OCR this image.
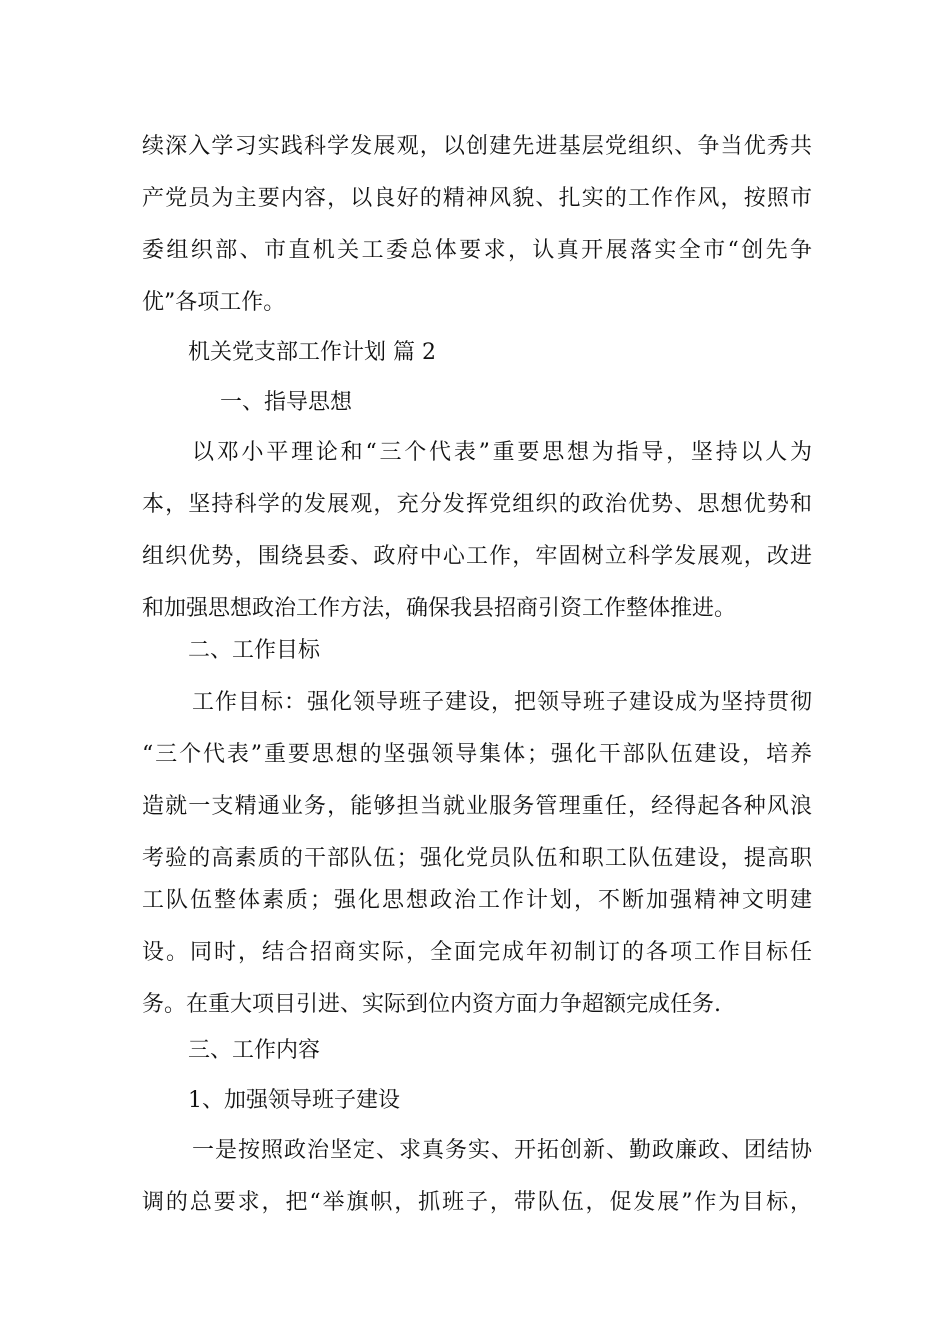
续深入学习实践科学发展观，以创建先进基层党组织、争当优秀共
产党员为主要内容，以良好的精神风貌、扎实的工作作风，按照市
委组织部、市直机关工委总体要求，认真开展落实全市“创先争
优”各项工作。
机关党支部工作计划 篇 2
一、指导思想
以邓小平理论和“三个代表”重要思想为指导，坚持以人为
本，坚持科学的发展观，充分发挥党组织的政治优势、思想优势和
组织优势，围绕县委、政府中心工作，牢固树立科学发展观，改进
和加强思想政治工作方法，确保我县招商引资工作整体推进。
二、工作目标
工作目标：强化领导班子建设，把领导班子建设成为坚持贯彻
“三个代表”重要思想的坚强领导集体；强化干部队伍建设，培养
造就一支精通业务，能够担当就业服务管理重任，经得起各种风浪
考验的高素质的干部队伍；强化党员队伍和职工队伍建设，提高职
工队伍整体素质；强化思想政治工作计划，不断加强精神文明建
设。同时，结合招商实际，全面完成年初制订的各项工作目标任
务。在重大项目引进、实际到位内资方面力争超额完成任务.
三、工作内容
1、加强领导班子建设
一是按照政治坚定、求真务实、开拓创新、勤政廉政、团结协
调的总要求，把“举旗帜，抓班子，带队伍，促发展”作为目标，
